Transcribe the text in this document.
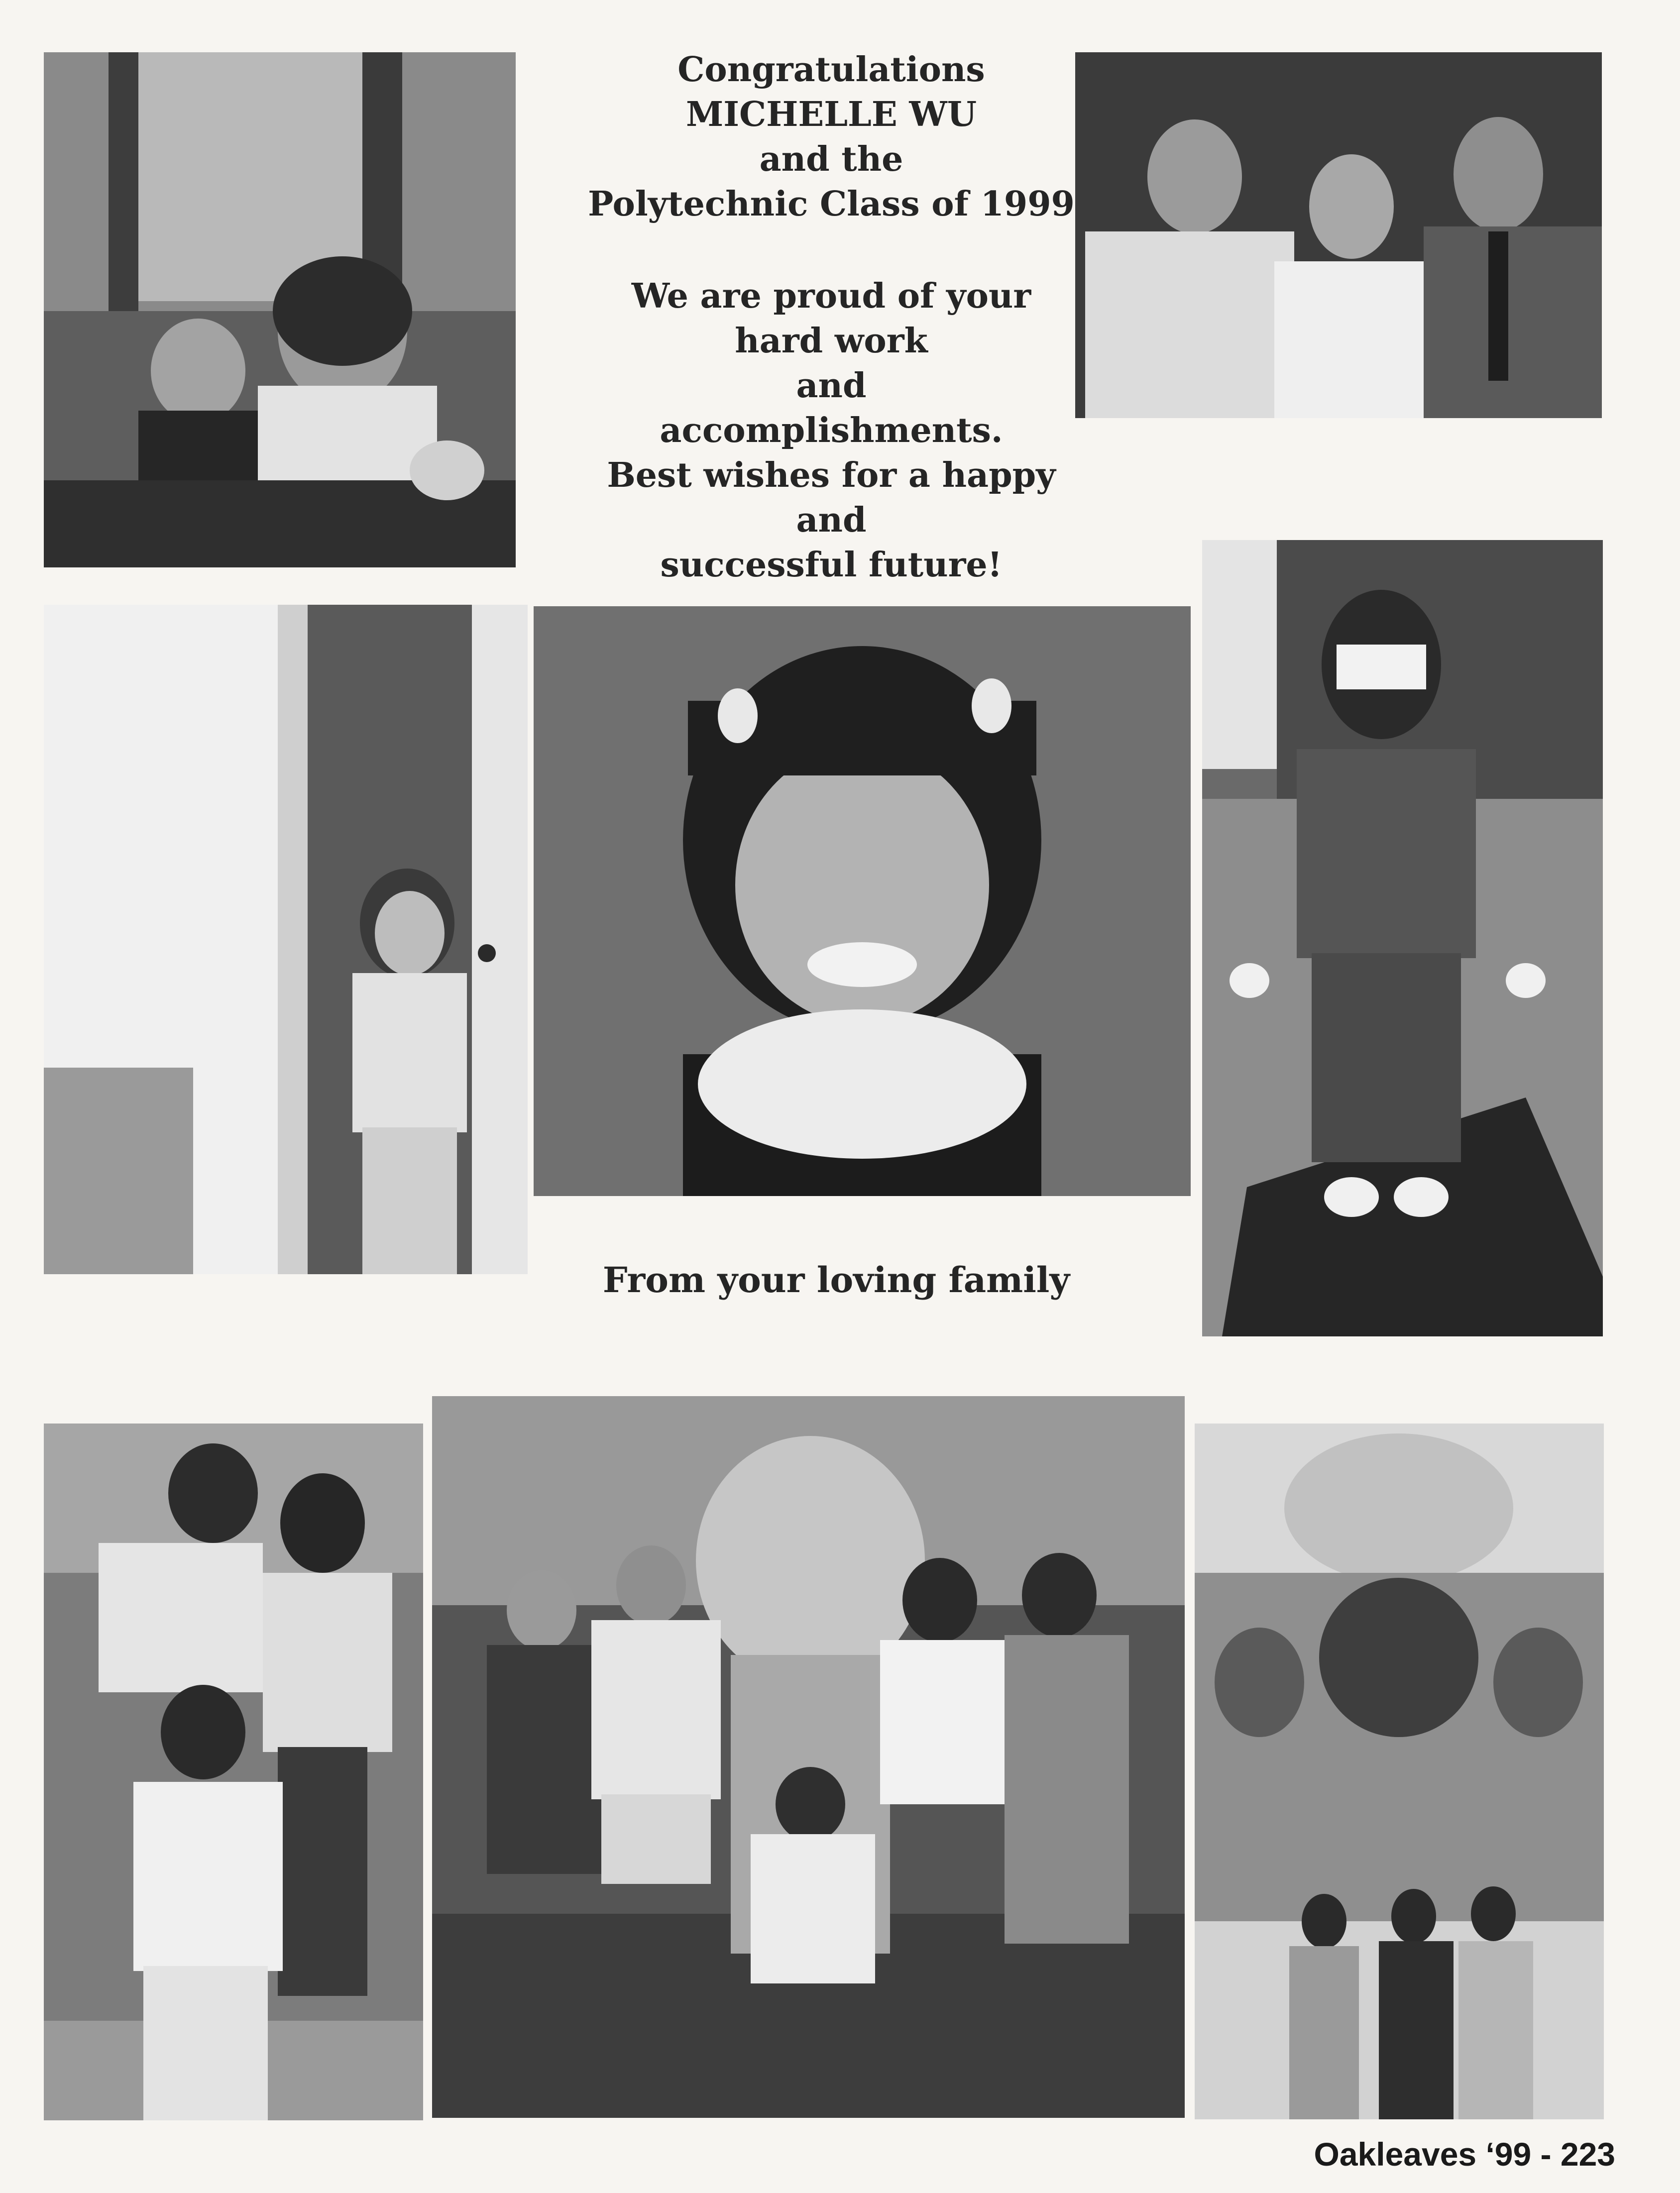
Congratulations
MICHELLE WU
and the
Polytechnic Class of 1999
We are proud of your
hard work
and
accomplishments.
Best wishes for a happy
and
successful future!
From your loving family
Oakleaves ‘99 - 223
